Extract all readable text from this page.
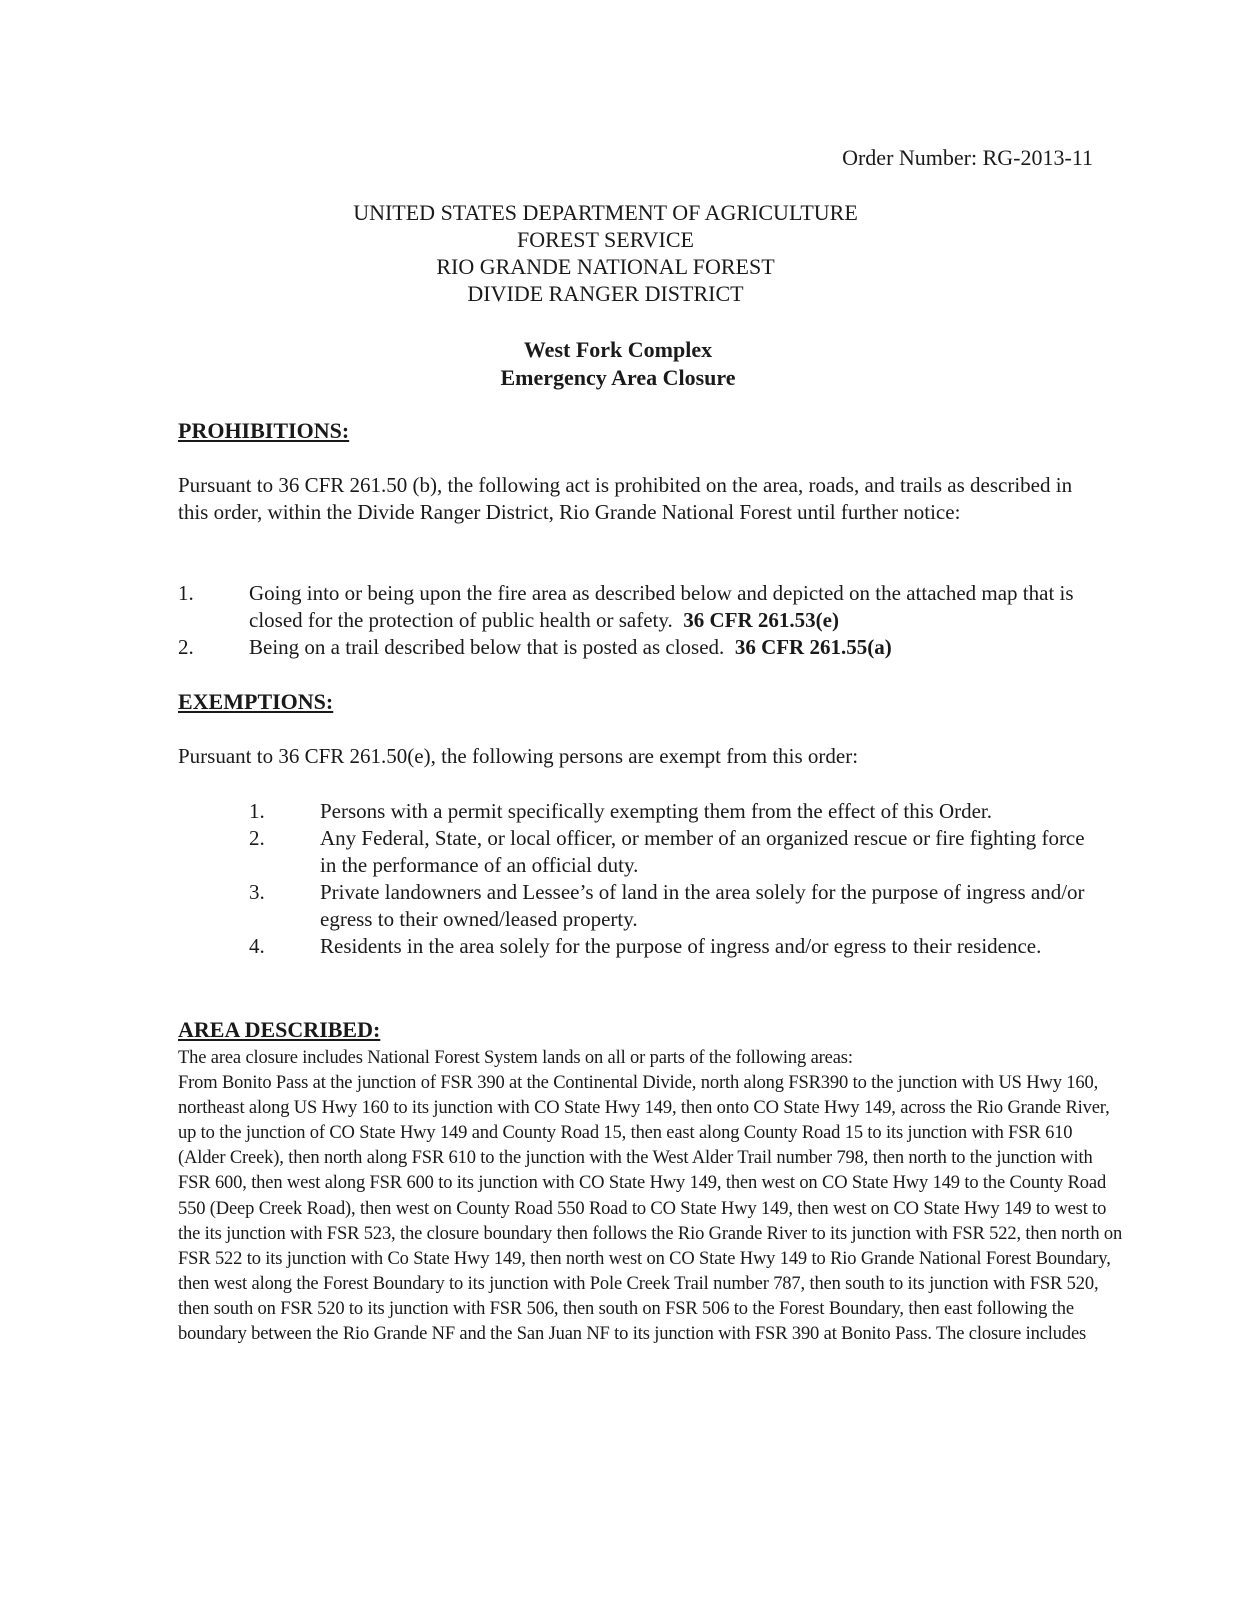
Order Number: RG-2013-11
UNITED STATES DEPARTMENT OF AGRICULTURE
FOREST SERVICE
RIO GRANDE NATIONAL FOREST
DIVIDE RANGER DISTRICT
West Fork Complex
Emergency Area Closure
PROHIBITIONS:
Pursuant to 36 CFR 261.50 (b), the following act is prohibited on the area, roads, and trails as described in this order, within the Divide Ranger District, Rio Grande National Forest until further notice:
1.	Going into or being upon the fire area as described below and depicted on the attached map that is closed for the protection of public health or safety. 36 CFR 261.53(e)
2.	Being on a trail described below that is posted as closed. 36 CFR 261.55(a)
EXEMPTIONS:
Pursuant to 36 CFR 261.50(e), the following persons are exempt from this order:
1.	Persons with a permit specifically exempting them from the effect of this Order.
2.	Any Federal, State, or local officer, or member of an organized rescue or fire fighting force in the performance of an official duty.
3.	Private landowners and Lessee’s of land in the area solely for the purpose of ingress and/or egress to their owned/leased property.
4.	Residents in the area solely for the purpose of ingress and/or egress to their residence.
AREA DESCRIBED:

The area closure includes National Forest System lands on all or parts of the following areas:

From Bonito Pass at the junction of FSR 390 at the Continental Divide, north along FSR390 to the junction with US Hwy 160, northeast along US Hwy 160 to its junction with CO State Hwy 149, then onto CO State Hwy 149, across the Rio Grande River, up to the junction of CO State Hwy 149 and County Road 15, then east along County Road 15 to its junction with FSR 610 (Alder Creek), then north along FSR 610 to the junction with the West Alder Trail number 798, then north to the junction with FSR 600, then west along FSR 600 to its junction with CO State Hwy 149, then west on CO State Hwy 149 to the County Road 550 (Deep Creek Road), then west on County Road 550 Road to CO State Hwy 149, then west on CO State Hwy 149 to west to the its junction with FSR 523, the closure boundary then follows the Rio Grande River to its junction with FSR 522, then north on FSR 522 to its junction with Co State Hwy 149, then north west on CO State Hwy 149 to Rio Grande National Forest Boundary, then west along the Forest Boundary to its junction with Pole Creek Trail number 787, then south to its junction with FSR 520, then south on FSR 520 to its junction with FSR 506, then south on FSR 506 to the Forest Boundary, then east following the boundary between the Rio Grande NF and the San Juan NF to its junction with FSR 390 at Bonito Pass. The closure includes
